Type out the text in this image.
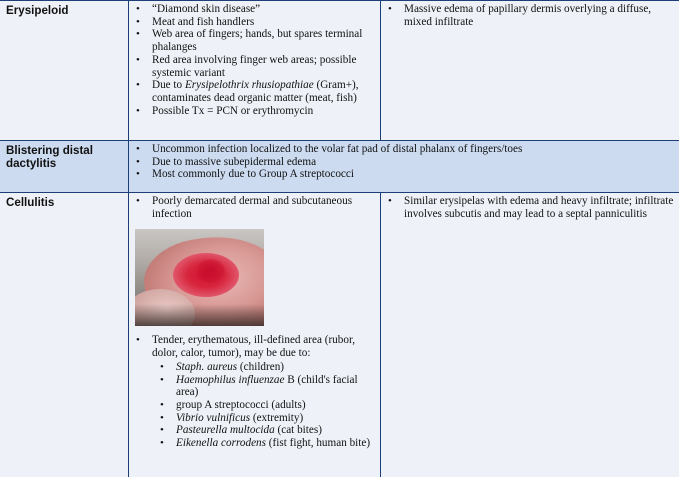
Erysipeloid	• “Diamond skin disease”
• Meat and fish handlers
• Web area of fingers; hands, but spares terminal phalanges
• Red area involving finger web areas; possible systemic variant
• Due to Erysipelothrix rhusiopathiae (Gram+), contaminates dead organic matter (meat, fish)
• Possible Tx = PCN or erythromycin
• Massive edema of papillary dermis overlying a diffuse, mixed infiltrate
Blistering distal dactylitis
• Uncommon infection localized to the volar fat pad of distal phalanx of fingers/toes
• Due to massive subepidermal edema
• Most commonly due to Group A streptococci
Cellulitis	• Poorly demarcated dermal and subcutaneous infection
• Tender, erythematous, ill-defined area (rubor, dolor, calor, tumor), may be due to:
• Staph. aureus (children)
• Haemophilus influenzae B (child's facial area)
• group A streptococci (adults)
• Vibrio vulnificus (extremity)
• Pasteurella multocida (cat bites)
• Eikenella corrodens (fist fight, human bite)
• Similar erysipelas with edema and heavy infiltrate; infiltrate involves subcutis and may lead to a septal panniculitis
